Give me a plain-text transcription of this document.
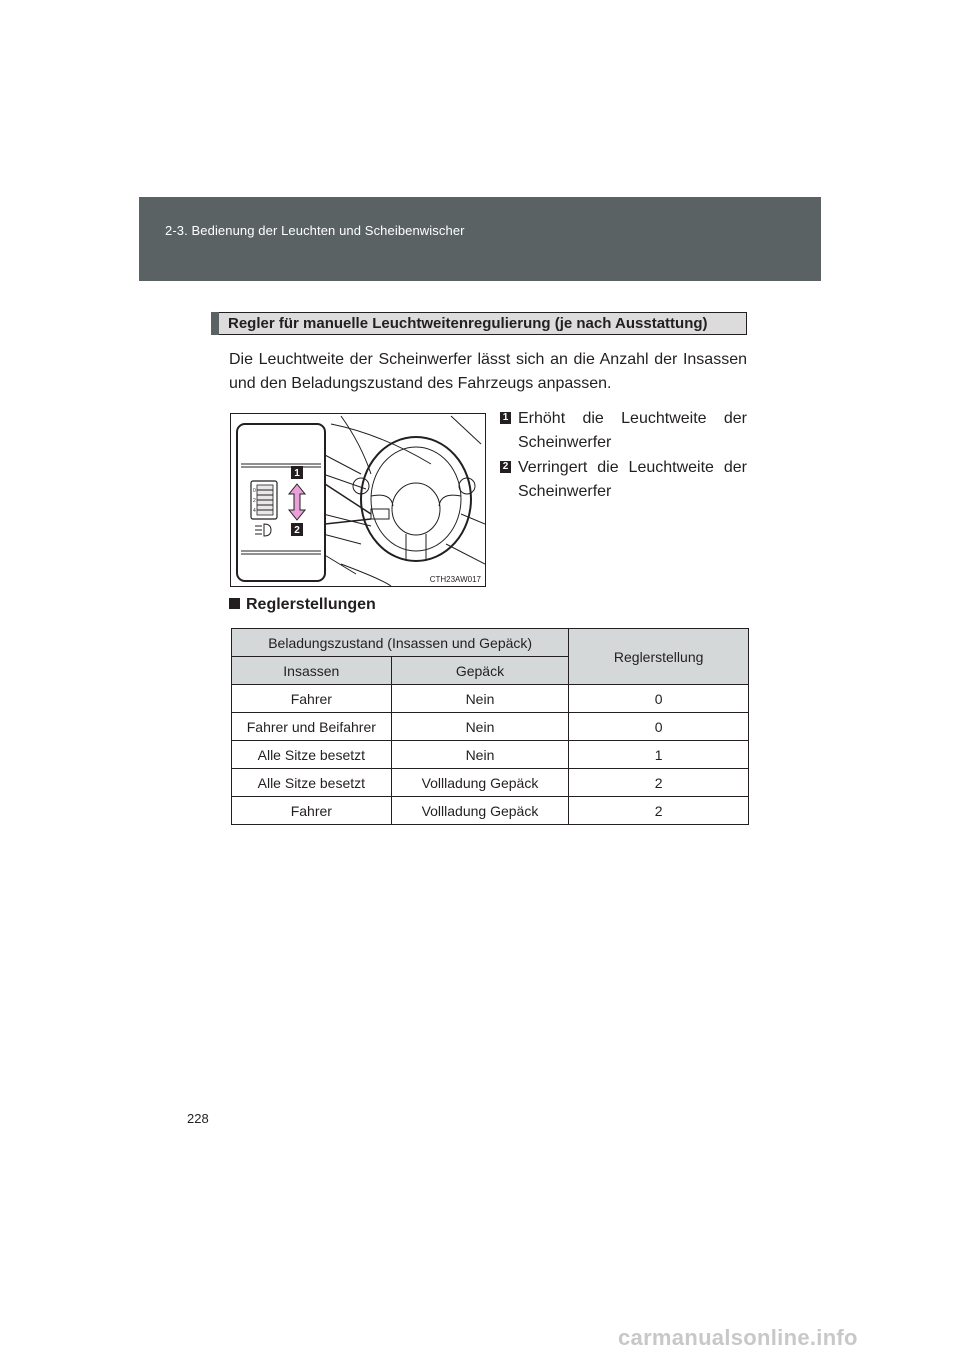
2-3. Bedienung der Leuchten und Scheibenwischer
Regler für manuelle Leuchtweitenregulierung (je nach Ausstattung)
Die Leuchtweite der Scheinwerfer lässt sich an die Anzahl der Insassen und den Beladungszustand des Fahrzeugs anpassen.
0
2
4
1
2
CTH23AW017
1 Erhöht die Leuchtweite der Scheinwerfer
2 Verringert die Leuchtweite der Scheinwerfer
Reglerstellungen
Beladungszustand (Insassen und Gepäck)		Reglerstellung
Insassen	Gepäck	
Fahrer	Nein	0
Fahrer und Beifahrer	Nein	0
Alle Sitze besetzt	Nein	1
Alle Sitze besetzt	Vollladung Gepäck	2
Fahrer	Vollladung Gepäck	2
228
carmanualsonline.info
